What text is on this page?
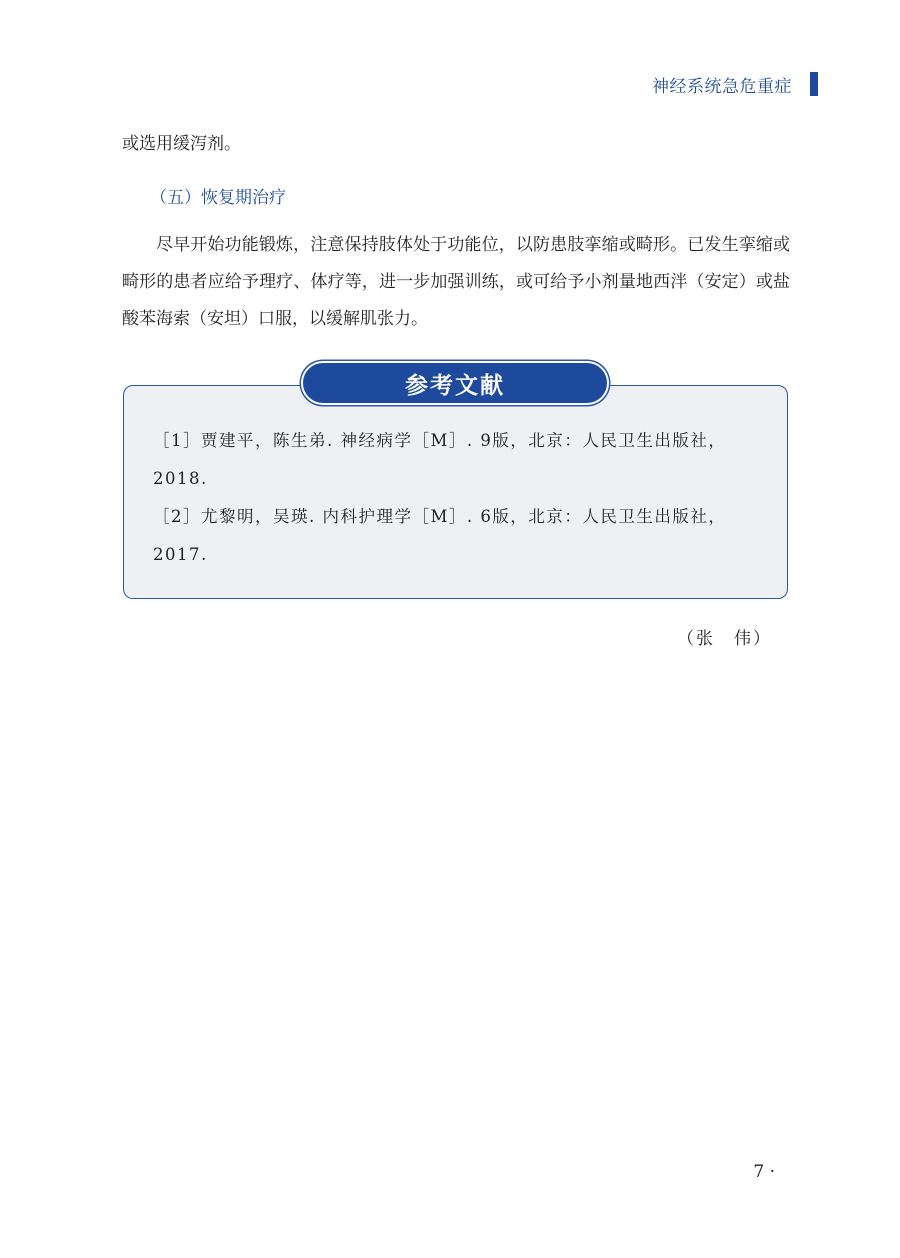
神经系统急危重症
或选用缓泻剂。
（五）恢复期治疗
尽早开始功能锻炼，注意保持肢体处于功能位，以防患肢挛缩或畸形。已发生挛缩或畸形的患者应给予理疗、体疗等，进一步加强训练，或可给予小剂量地西泮（安定）或盐酸苯海索（安坦）口服，以缓解肌张力。
参考文献

［1］贾建平，陈生弟. 神经病学［M］. 9版，北京：人民卫生出版社，2018.

［2］尤黎明，吴瑛. 内科护理学［M］. 6版，北京：人民卫生出版社，2017.

（张　伟）
7 ·
